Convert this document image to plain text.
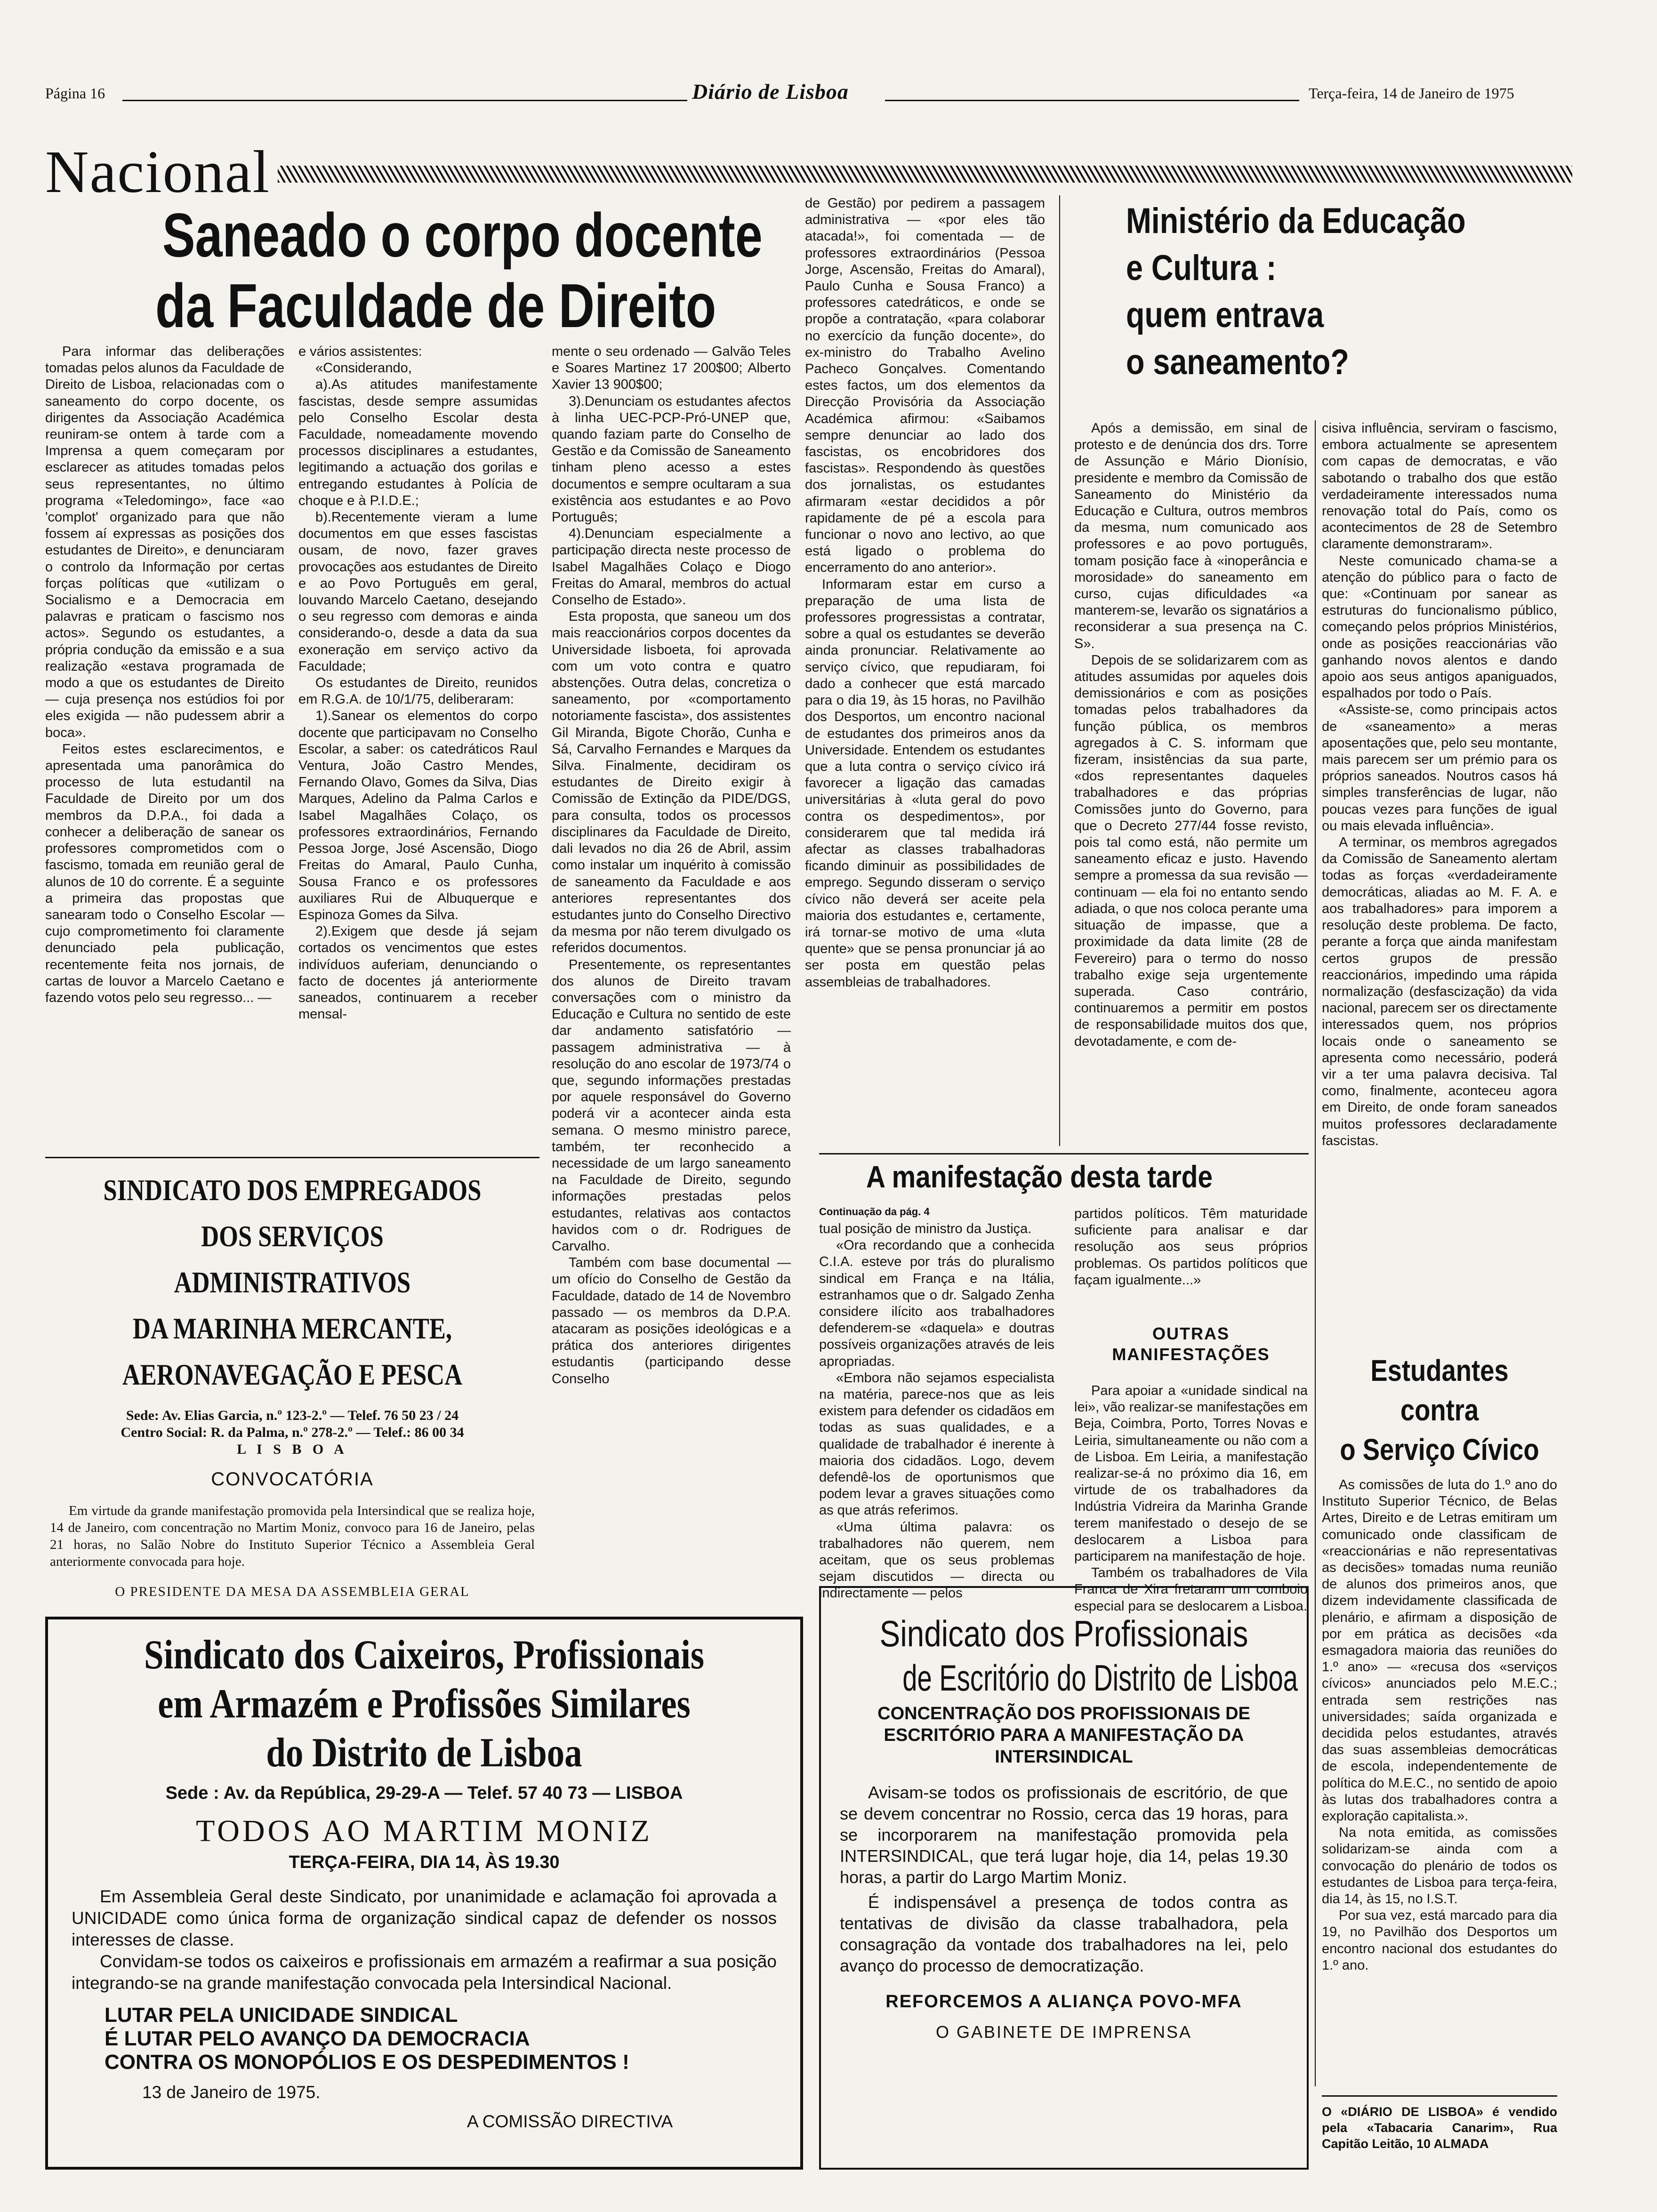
Página 16	Diário de Lisboa	Terça-feira, 14 de Janeiro de 1975
Nacional
Saneado o corpo docente
da Faculdade de Direito

Para informar das deliberações tomadas pelos alunos da Faculdade de Direito de Lisboa, relacionadas com o saneamento do corpo docente, os dirigentes da Associação Académica reuniram-se ontem à tarde com a Imprensa a quem começaram por esclarecer as atitudes tomadas pelos seus representantes, no último programa «Teledomingo», face «ao 'complot' organizado para que não fossem aí expressas as posições dos estudantes de Direito», e denunciaram o controlo da Informação por certas forças políticas que «utilizam o Socialismo e a Democracia em palavras e praticam o fascismo nos actos». Segundo os estudantes, a própria condução da emissão e a sua realização «estava programada de modo a que os estudantes de Direito — cuja presença nos estúdios foi por eles exigida — não pudessem abrir a boca».

Feitos estes esclarecimentos, e apresentada uma panorâmica do processo de luta estudantil na Faculdade de Direito por um dos membros da D.P.A., foi dada a conhecer a deliberação de sanear os professores comprometidos com o fascismo, tomada em reunião geral de alunos de 10 do corrente. É a seguinte a primeira das propostas que sanearam todo o Conselho Escolar — cujo comprometimento foi claramente denunciado pela publicação, recentemente feita nos jornais, de cartas de louvor a Marcelo Caetano e fazendo votos pelo seu regresso... —

e vários assistentes:

«Considerando,

a).As atitudes manifestamente fascistas, desde sempre assumidas pelo Conselho Escolar desta Faculdade, nomeadamente movendo processos disciplinares a estudantes, legitimando a actuação dos gorilas e entregando estudantes à Polícia de choque e à P.I.D.E.;

b).Recentemente vieram a lume documentos em que esses fascistas ousam, de novo, fazer graves provocações aos estudantes de Direito e ao Povo Português em geral, louvando Marcelo Caetano, desejando o seu regresso com demoras e ainda considerando-o, desde a data da sua exoneração em serviço activo da Faculdade;

Os estudantes de Direito, reunidos em R.G.A. de 10/1/75, deliberaram:

1).Sanear os elementos do corpo docente que participavam no Conselho Escolar, a saber: os catedráticos Raul Ventura, João Castro Mendes, Fernando Olavo, Gomes da Silva, Dias Marques, Adelino da Palma Carlos e Isabel Magalhães Colaço, os professores extraordinários, Fernando Pessoa Jorge, José Ascensão, Diogo Freitas do Amaral, Paulo Cunha, Sousa Franco e os professores auxiliares Rui de Albuquerque e Espinoza Gomes da Silva.

2).Exigem que desde já sejam cortados os vencimentos que estes indivíduos auferiam, denunciando o facto de docentes já anteriormente saneados, continuarem a receber mensal-

mente o seu ordenado — Galvão Teles e Soares Martinez 17 200$00; Alberto Xavier 13 900$00;

3).Denunciam os estudantes afectos à linha UEC-PCP-Pró-UNEP que, quando faziam parte do Conselho de Gestão e da Comissão de Saneamento tinham pleno acesso a estes documentos e sempre ocultaram a sua existência aos estudantes e ao Povo Português;

4).Denunciam especialmente a participação directa neste processo de Isabel Magalhães Colaço e Diogo Freitas do Amaral, membros do actual Conselho de Estado».

Esta proposta, que saneou um dos mais reaccionários corpos docentes da Universidade lisboeta, foi aprovada com um voto contra e quatro abstenções. Outra delas, concretiza o saneamento, por «comportamento notoriamente fascista», dos assistentes Gil Miranda, Bigote Chorão, Cunha e Sá, Carvalho Fernandes e Marques da Silva. Finalmente, decidiram os estudantes de Direito exigir à Comissão de Extinção da PIDE/DGS, para consulta, todos os processos disciplinares da Faculdade de Direito, dali levados no dia 26 de Abril, assim como instalar um inquérito à comissão de saneamento da Faculdade e aos anteriores representantes dos estudantes junto do Conselho Directivo da mesma por não terem divulgado os referidos documentos.

Presentemente, os representantes dos alunos de Direito travam conversações com o ministro da Educação e Cultura no sentido de este dar andamento satisfatório — passagem administrativa — à resolução do ano escolar de 1973/74 o que, segundo informações prestadas por aquele responsável do Governo poderá vir a acontecer ainda esta semana. O mesmo ministro parece, também, ter reconhecido a necessidade de um largo saneamento na Faculdade de Direito, segundo informações prestadas pelos estudantes, relativas aos contactos havidos com o dr. Rodrigues de Carvalho.

Também com base documental — um ofício do Conselho de Gestão da Faculdade, datado de 14 de Novembro passado — os membros da D.P.A. atacaram as posições ideológicas e a prática dos anteriores dirigentes estudantis (participando desse Conselho

de Gestão) por pedirem a passagem administrativa — «por eles tão atacada!», foi comentada — de professores extraordinários (Pessoa Jorge, Ascensão, Freitas do Amaral), Paulo Cunha e Sousa Franco) a professores catedráticos, e onde se propõe a contratação, «para colaborar no exercício da função docente», do ex-ministro do Trabalho Avelino Pacheco Gonçalves. Comentando estes factos, um dos elementos da Direcção Provisória da Associação Académica afirmou: «Saibamos sempre denunciar ao lado dos fascistas, os encobridores dos fascistas». Respondendo às questões dos jornalistas, os estudantes afirmaram «estar decididos a pôr rapidamente de pé a escola para funcionar o novo ano lectivo, ao que está ligado o problema do encerramento do ano anterior».

Informaram estar em curso a preparação de uma lista de professores progressistas a contratar, sobre a qual os estudantes se deverão ainda pronunciar. Relativamente ao serviço cívico, que repudiaram, foi dado a conhecer que está marcado para o dia 19, às 15 horas, no Pavilhão dos Desportos, um encontro nacional de estudantes dos primeiros anos da Universidade. Entendem os estudantes que a luta contra o serviço cívico irá favorecer a ligação das camadas universitárias à «luta geral do povo contra os despedimentos», por considerarem que tal medida irá afectar as classes trabalhadoras ficando diminuir as possibilidades de emprego. Segundo disseram o serviço cívico não deverá ser aceite pela maioria dos estudantes e, certamente, irá tornar-se motivo de uma «luta quente» que se pensa pronunciar já ao ser posta em questão pelas assembleias de trabalhadores.

SINDICATO DOS EMPREGADOS
DOS SERVIÇOS ADMINISTRATIVOS
DA MARINHA MERCANTE,
AERONAVEGAÇÃO E PESCA
Sede: Av. Elias Garcia, n.º 123-2.º — Telef. 76 50 23 / 24
Centro Social: R. da Palma, n.º 278-2.º — Telef.: 86 00 34
L I S B O A
CONVOCATÓRIA
Em virtude da grande manifestação promovida pela Intersindical que se realiza hoje, 14 de Janeiro, com concentração no Martim Moniz, convoco para 16 de Janeiro, pelas 21 horas, no Salão Nobre do Instituto Superior Técnico a Assembleia Geral anteriormente convocada para hoje.
O PRESIDENTE DA MESA DA ASSEMBLEIA GERAL
Sindicato dos Caixeiros, Profissionais
em Armazém e Profissões Similares
do Distrito de Lisboa
Sede : Av. da República, 29-29-A — Telef. 57 40 73 — LISBOA
TODOS AO MARTIM MONIZ
TERÇA-FEIRA, DIA 14, ÀS 19.30
Em Assembleia Geral deste Sindicato, por unanimidade e aclamação foi aprovada a UNICIDADE como única forma de organização sindical capaz de defender os nossos interesses de classe.
Convidam-se todos os caixeiros e profissionais em armazém a reafirmar a sua posição integrando-se na grande manifestação convocada pela Intersindical Nacional.
LUTAR PELA UNICIDADE SINDICAL
É LUTAR PELO AVANÇO DA DEMOCRACIA
CONTRA OS MONOPÓLIOS E OS DESPEDIMENTOS !
13 de Janeiro de 1975.
A COMISSÃO DIRECTIVA
A manifestação desta tarde
Continuação da pág. 4

tual posição de ministro da Justiça.

«Ora recordando que a conhecida C.I.A. esteve por trás do pluralismo sindical em França e na Itália, estranhamos que o dr. Salgado Zenha considere ilícito aos trabalhadores defenderem-se «daquela» e doutras possíveis organizações através de leis apropriadas.

«Embora não sejamos especialista na matéria, parece-nos que as leis existem para defender os cidadãos em todas as suas qualidades, e a qualidade de trabalhador é inerente à maioria dos cidadãos. Logo, devem defendê-los de oportunismos que podem levar a graves situações como as que atrás referimos.

«Uma última palavra: os trabalhadores não querem, nem aceitam, que os seus problemas sejam discutidos — directa ou indirectamente — pelos

partidos políticos. Têm maturidade suficiente para analisar e dar resolução aos seus próprios problemas. Os partidos políticos que façam igualmente...»

OUTRAS
MANIFESTAÇÕES

Para apoiar a «unidade sindical na lei», vão realizar-se manifestações em Beja, Coimbra, Porto, Torres Novas e Leiria, simultaneamente ou não com a de Lisboa. Em Leiria, a manifestação realizar-se-á no próximo dia 16, em virtude de os trabalhadores da Indústria Vidreira da Marinha Grande terem manifestado o desejo de se deslocarem a Lisboa para participarem na manifestação de hoje.

Também os trabalhadores de Vila Franca de Xira fretaram um comboio especial para se deslocarem a Lisboa.

Ministério da Educação
e Cultura :
quem entrava
o saneamento?

Após a demissão, em sinal de protesto e de denúncia dos drs. Torre de Assunção e Mário Dionísio, presidente e membro da Comissão de Saneamento do Ministério da Educação e Cultura, outros membros da mesma, num comunicado aos professores e ao povo português, tomam posição face à «inoperância e morosidade» do saneamento em curso, cujas dificuldades «a manterem-se, levarão os signatários a reconsiderar a sua presença na C. S».

Depois de se solidarizarem com as atitudes assumidas por aqueles dois demissionários e com as posições tomadas pelos trabalhadores da função pública, os membros agregados à C. S. informam que fizeram, insistências da sua parte, «dos representantes daqueles trabalhadores e das próprias Comissões junto do Governo, para que o Decreto 277/44 fosse revisto, pois tal como está, não permite um saneamento eficaz e justo. Havendo sempre a promessa da sua revisão — continuam — ela foi no entanto sendo adiada, o que nos coloca perante uma situação de impasse, que a proximidade da data limite (28 de Fevereiro) para o termo do nosso trabalho exige seja urgentemente superada. Caso contrário, continuaremos a permitir em postos de responsabilidade muitos dos que, devotadamente, e com de-

cisiva influência, serviram o fascismo, embora actualmente se apresentem com capas de democratas, e vão sabotando o trabalho dos que estão verdadeiramente interessados numa renovação total do País, como os acontecimentos de 28 de Setembro claramente demonstraram».

Neste comunicado chama-se a atenção do público para o facto de que: «Continuam por sanear as estruturas do funcionalismo público, começando pelos próprios Ministérios, onde as posições reaccionárias vão ganhando novos alentos e dando apoio aos seus antigos apaniguados, espalhados por todo o País.

«Assiste-se, como principais actos de «saneamento» a meras aposentações que, pelo seu montante, mais parecem ser um prémio para os próprios saneados. Noutros casos há simples transferências de lugar, não poucas vezes para funções de igual ou mais elevada influência».

A terminar, os membros agregados da Comissão de Saneamento alertam todas as forças «verdadeiramente democráticas, aliadas ao M. F. A. e aos trabalhadores» para imporem a resolução deste problema. De facto, perante a força que ainda manifestam certos grupos de pressão reaccionários, impedindo uma rápida normalização (desfascização) da vida nacional, parecem ser os directamente interessados quem, nos próprios locais onde o saneamento se apresenta como necessário, poderá vir a ter uma palavra decisiva. Tal como, finalmente, aconteceu agora em Direito, de onde foram saneados muitos professores declaradamente fascistas.

Estudantes
contra
o Serviço Cívico

As comissões de luta do 1.º ano do Instituto Superior Técnico, de Belas Artes, Direito e de Letras emitiram um comunicado onde classificam de «reaccionárias e não representativas as decisões» tomadas numa reunião de alunos dos primeiros anos, que dizem indevidamente classificada de plenário, e afirmam a disposição de por em prática as decisões «da esmagadora maioria das reuniões do 1.º ano» — «recusa dos «serviços cívicos» anunciados pelo M.E.C.; entrada sem restrições nas universidades; saída organizada e decidida pelos estudantes, através das suas assembleias democráticas de escola, independentemente de política do M.E.C., no sentido de apoio às lutas dos trabalhadores contra a exploração capitalista.».

Na nota emitida, as comissões solidarizam-se ainda com a convocação do plenário de todos os estudantes de Lisboa para terça-feira, dia 14, às 15, no I.S.T.

Por sua vez, está marcado para dia 19, no Pavilhão dos Desportos um encontro nacional dos estudantes do 1.º ano.

O «DIÁRIO DE LISBOA» é vendido pela «Tabacaria Canarim», Rua Capitão Leitão, 10 ALMADA
Sindicato dos Profissionais
de Escritório do Distrito de Lisboa
CONCENTRAÇÃO DOS PROFISSIONAIS DE
ESCRITÓRIO PARA A MANIFESTAÇÃO DA
INTERSINDICAL
Avisam-se todos os profissionais de escritório, de que se devem concentrar no Rossio, cerca das 19 horas, para se incorporarem na manifestação promovida pela INTERSINDICAL, que terá lugar hoje, dia 14, pelas 19.30 horas, a partir do Largo Martim Moniz.
É indispensável a presença de todos contra as tentativas de divisão da classe trabalhadora, pela consagração da vontade dos trabalhadores na lei, pelo avanço do processo de democratização.
REFORCEMOS A ALIANÇA POVO-MFA
O GABINETE DE IMPRENSA
